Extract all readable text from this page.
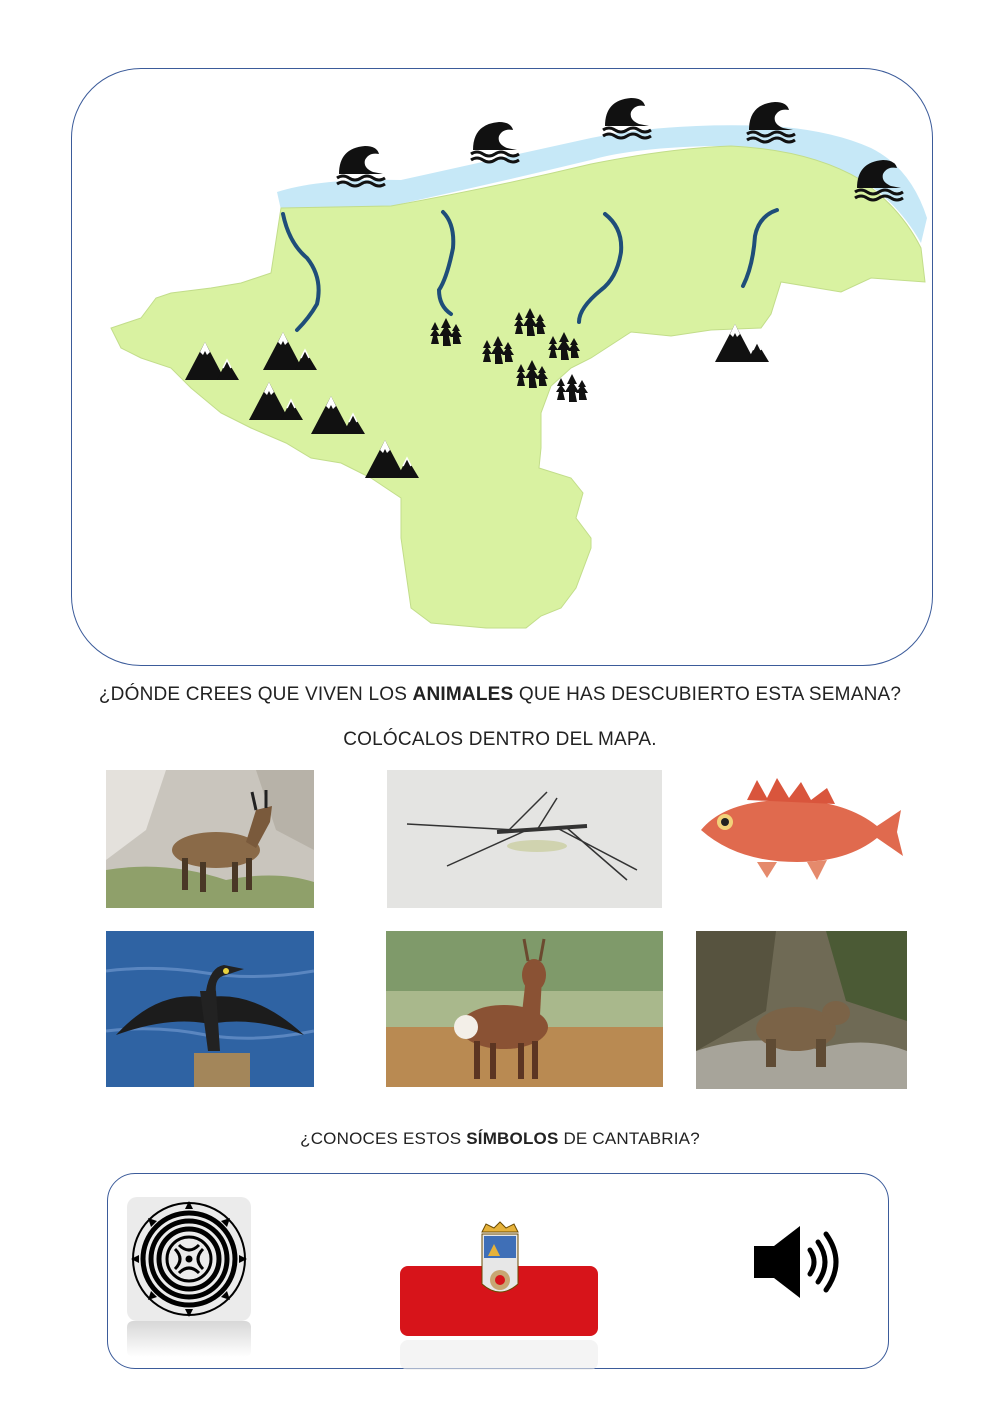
¿DÓNDE CREES QUE VIVEN LOS ANIMALES QUE HAS DESCUBIERTO ESTA SEMANA?
COLÓCALOS DENTRO DEL MAPA.
¿CONOCES ESTOS SÍMBOLOS DE CANTABRIA?
